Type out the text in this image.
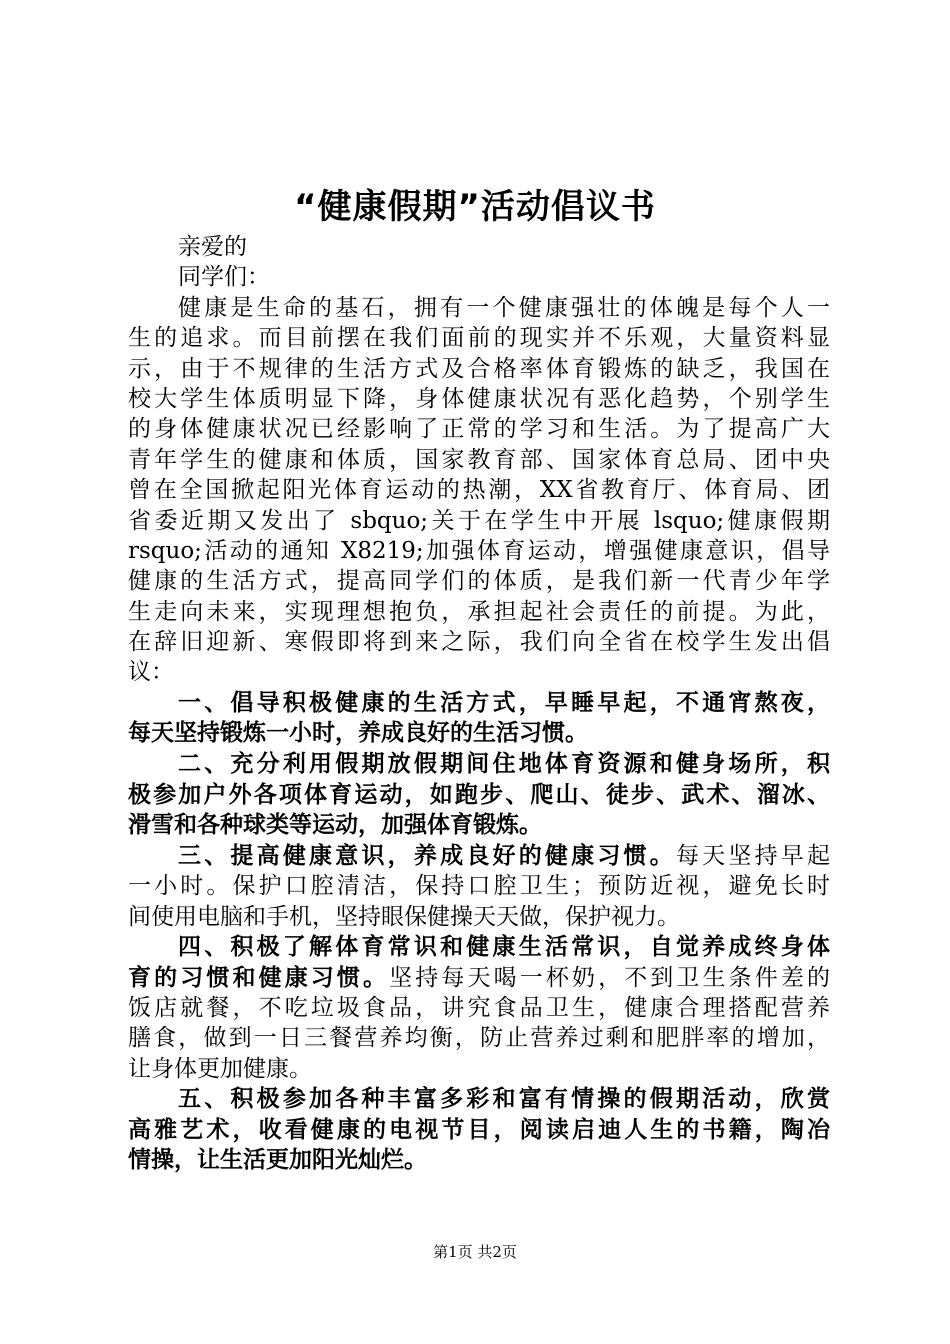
“健康假期”活动倡议书

亲爱的

同学们：

健康是生命的基石，拥有一个健康强壮的体魄是每个人一

生的追求。而目前摆在我们面前的现实并不乐观，大量资料显

示，由于不规律的生活方式及合格率体育锻炼的缺乏，我国在

校大学生体质明显下降，身体健康状况有恶化趋势，个别学生

的身体健康状况已经影响了正常的学习和生活。为了提高广大

青年学生的健康和体质，国家教育部、国家体育总局、团中央

曾在全国掀起阳光体育运动的热潮，XX省教育厅、体育局、团

省委近期又发出了 sbquo;关于在学生中开展 lsquo;健康假期

rsquo;活动的通知 X8219;加强体育运动，增强健康意识，倡导

健康的生活方式，提高同学们的体质，是我们新一代青少年学

生走向未来，实现理想抱负，承担起社会责任的前提。为此，

在辞旧迎新、寒假即将到来之际，我们向全省在校学生发出倡

议：

一、倡导积极健康的生活方式，早睡早起，不通宵熬夜，

每天坚持锻炼一小时，养成良好的生活习惯。

二、充分利用假期放假期间住地体育资源和健身场所，积

极参加户外各项体育运动，如跑步、爬山、徒步、武术、溜冰、

滑雪和各种球类等运动，加强体育锻炼。

三、提高健康意识，养成良好的健康习惯。每天坚持早起

一小时。保护口腔清洁，保持口腔卫生；预防近视，避免长时

间使用电脑和手机，坚持眼保健操天天做，保护视力。

四、积极了解体育常识和健康生活常识，自觉养成终身体

育的习惯和健康习惯。坚持每天喝一杯奶，不到卫生条件差的

饭店就餐，不吃垃圾食品，讲究食品卫生，健康合理搭配营养

膳食，做到一日三餐营养均衡，防止营养过剩和肥胖率的增加，

让身体更加健康。

五、积极参加各种丰富多彩和富有情操的假期活动，欣赏

高雅艺术，收看健康的电视节目，阅读启迪人生的书籍，陶冶

情操，让生活更加阳光灿烂。

第1页 共2页
